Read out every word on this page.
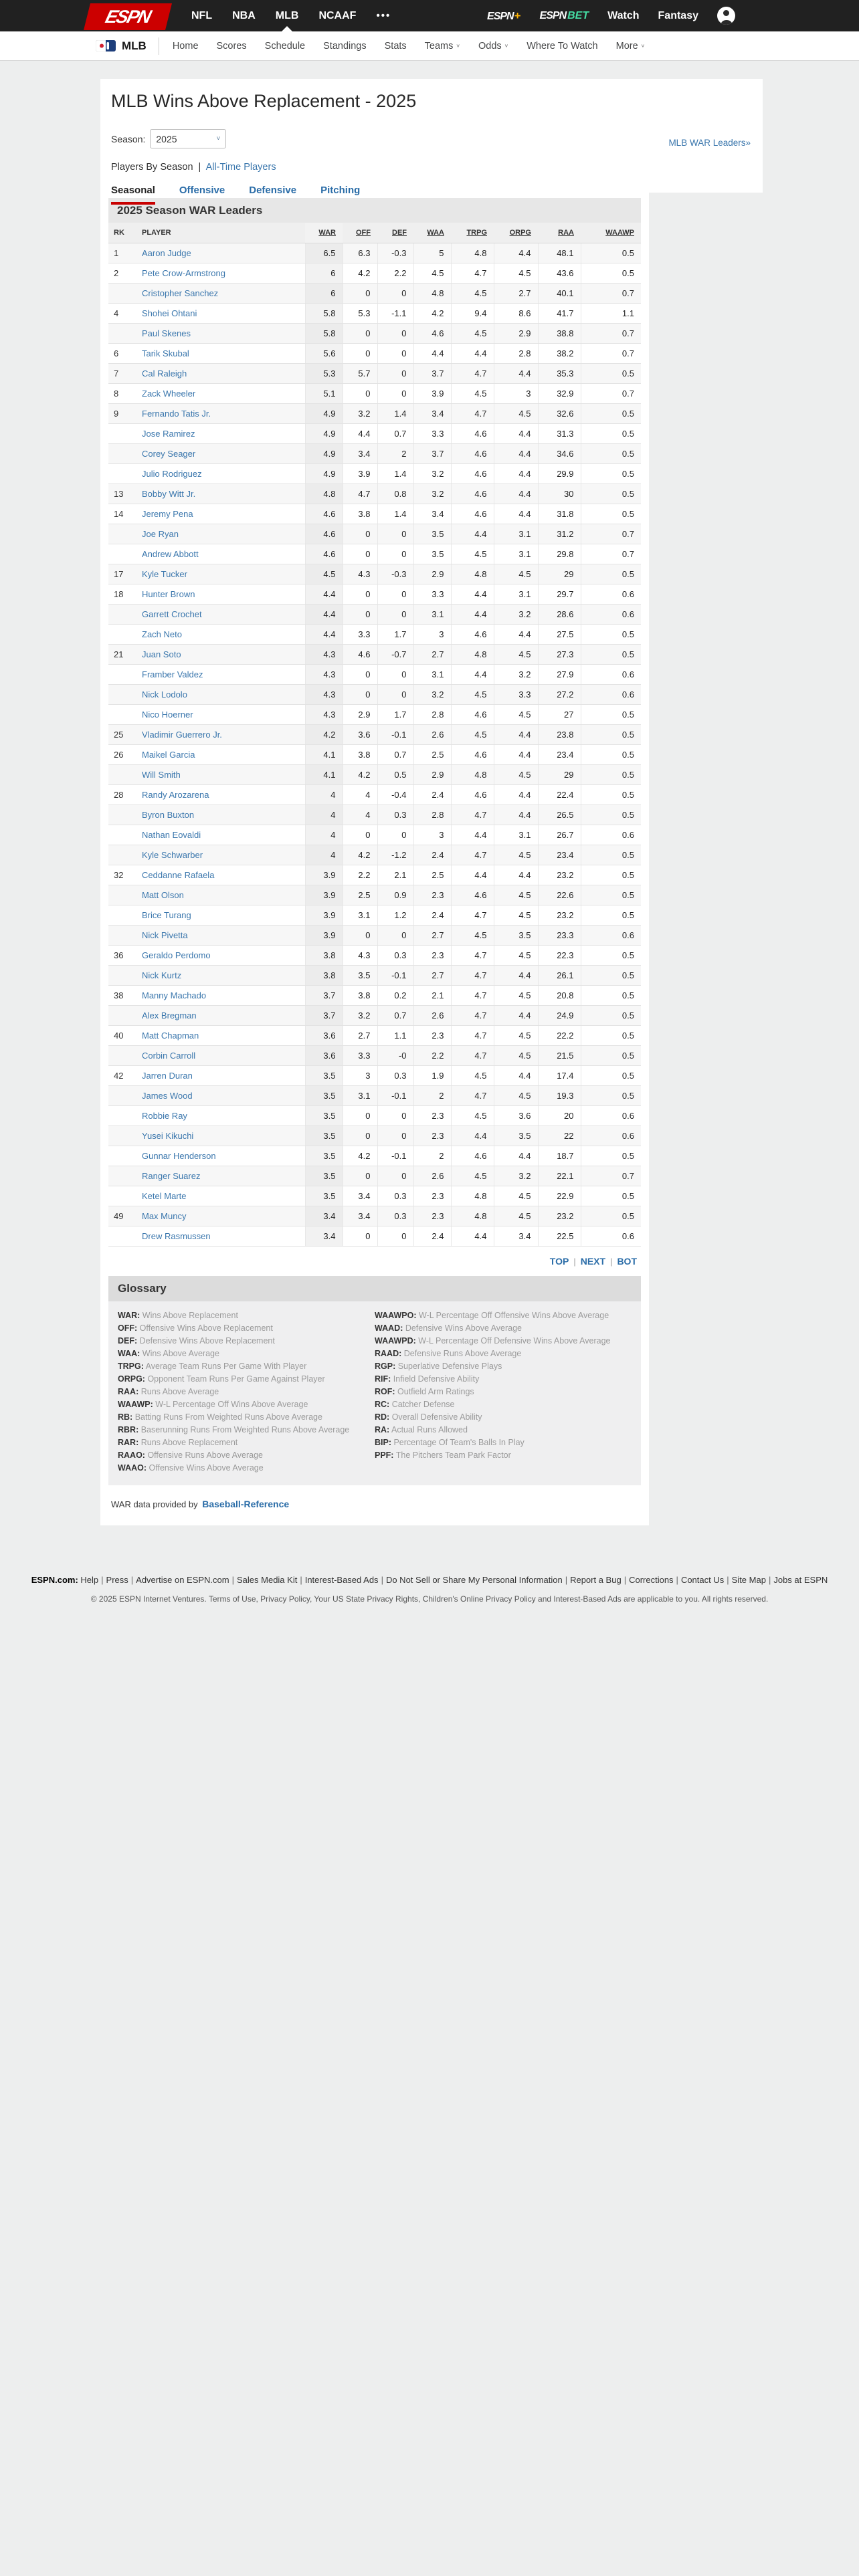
ESPN	NFL NBA MLB NCAAF •••	ESPN + ESPN BET Watch Fantasy
MLB	Home Scores Schedule Standings Stats Teams ∨ Odds ∨ Where To Watch More ∨
MLB Wins Above Replacement - 2025
MLB WAR Leaders»
Season: 2025	˅
Players By Season | All-Time Players
Seasonal Offensive Defensive Pitching
2025 Season WAR Leaders
RK	PLAYER	WAR	OFF	DEF	WAA	TRPG	ORPG	RAA	WAAWP
1	Aaron Judge	6.5	6.3	-0.3	5	4.8	4.4	48.1	0.5
2	Pete Crow-Armstrong	6	4.2	2.2	4.5	4.7	4.5	43.6	0.5
	Cristopher Sanchez	6	0	0	4.8	4.5	2.7	40.1	0.7
4	Shohei Ohtani	5.8	5.3	-1.1	4.2	9.4	8.6	41.7	1.1
	Paul Skenes	5.8	0	0	4.6	4.5	2.9	38.8	0.7
6	Tarik Skubal	5.6	0	0	4.4	4.4	2.8	38.2	0.7
7	Cal Raleigh	5.3	5.7	0	3.7	4.7	4.4	35.3	0.5
8	Zack Wheeler	5.1	0	0	3.9	4.5	3	32.9	0.7
9	Fernando Tatis Jr.	4.9	3.2	1.4	3.4	4.7	4.5	32.6	0.5
	Jose Ramirez	4.9	4.4	0.7	3.3	4.6	4.4	31.3	0.5
	Corey Seager	4.9	3.4	2	3.7	4.6	4.4	34.6	0.5
	Julio Rodriguez	4.9	3.9	1.4	3.2	4.6	4.4	29.9	0.5
13	Bobby Witt Jr.	4.8	4.7	0.8	3.2	4.6	4.4	30	0.5
14	Jeremy Pena	4.6	3.8	1.4	3.4	4.6	4.4	31.8	0.5
	Joe Ryan	4.6	0	0	3.5	4.4	3.1	31.2	0.7
	Andrew Abbott	4.6	0	0	3.5	4.5	3.1	29.8	0.7
17	Kyle Tucker	4.5	4.3	-0.3	2.9	4.8	4.5	29	0.5
18	Hunter Brown	4.4	0	0	3.3	4.4	3.1	29.7	0.6
	Garrett Crochet	4.4	0	0	3.1	4.4	3.2	28.6	0.6
	Zach Neto	4.4	3.3	1.7	3	4.6	4.4	27.5	0.5
21	Juan Soto	4.3	4.6	-0.7	2.7	4.8	4.5	27.3	0.5
	Framber Valdez	4.3	0	0	3.1	4.4	3.2	27.9	0.6
	Nick Lodolo	4.3	0	0	3.2	4.5	3.3	27.2	0.6
	Nico Hoerner	4.3	2.9	1.7	2.8	4.6	4.5	27	0.5
25	Vladimir Guerrero Jr.	4.2	3.6	-0.1	2.6	4.5	4.4	23.8	0.5
26	Maikel Garcia	4.1	3.8	0.7	2.5	4.6	4.4	23.4	0.5
	Will Smith	4.1	4.2	0.5	2.9	4.8	4.5	29	0.5
28	Randy Arozarena	4	4	-0.4	2.4	4.6	4.4	22.4	0.5
	Byron Buxton	4	4	0.3	2.8	4.7	4.4	26.5	0.5
	Nathan Eovaldi	4	0	0	3	4.4	3.1	26.7	0.6
	Kyle Schwarber	4	4.2	-1.2	2.4	4.7	4.5	23.4	0.5
32	Ceddanne Rafaela	3.9	2.2	2.1	2.5	4.4	4.4	23.2	0.5
	Matt Olson	3.9	2.5	0.9	2.3	4.6	4.5	22.6	0.5
	Brice Turang	3.9	3.1	1.2	2.4	4.7	4.5	23.2	0.5
	Nick Pivetta	3.9	0	0	2.7	4.5	3.5	23.3	0.6
36	Geraldo Perdomo	3.8	4.3	0.3	2.3	4.7	4.5	22.3	0.5
	Nick Kurtz	3.8	3.5	-0.1	2.7	4.7	4.4	26.1	0.5
38	Manny Machado	3.7	3.8	0.2	2.1	4.7	4.5	20.8	0.5
	Alex Bregman	3.7	3.2	0.7	2.6	4.7	4.4	24.9	0.5
40	Matt Chapman	3.6	2.7	1.1	2.3	4.7	4.5	22.2	0.5
	Corbin Carroll	3.6	3.3	-0	2.2	4.7	4.5	21.5	0.5
42	Jarren Duran	3.5	3	0.3	1.9	4.5	4.4	17.4	0.5
	James Wood	3.5	3.1	-0.1	2	4.7	4.5	19.3	0.5
	Robbie Ray	3.5	0	0	2.3	4.5	3.6	20	0.6
	Yusei Kikuchi	3.5	0	0	2.3	4.4	3.5	22	0.6
	Gunnar Henderson	3.5	4.2	-0.1	2	4.6	4.4	18.7	0.5
	Ranger Suarez	3.5	0	0	2.6	4.5	3.2	22.1	0.7
	Ketel Marte	3.5	3.4	0.3	2.3	4.8	4.5	22.9	0.5
49	Max Muncy	3.4	3.4	0.3	2.3	4.8	4.5	23.2	0.5
	Drew Rasmussen	3.4	0	0	2.4	4.4	3.4	22.5	0.6
TOP | NEXT | BOT
Glossary
WAR: Wins Above Replacement
OFF: Offensive Wins Above Replacement
DEF: Defensive Wins Above Replacement
WAA: Wins Above Average
TRPG: Average Team Runs Per Game With Player
ORPG: Opponent Team Runs Per Game Against Player
RAA: Runs Above Average
WAAWP: W-L Percentage Off Wins Above Average
RB: Batting Runs From Weighted Runs Above Average
RBR: Baserunning Runs From Weighted Runs Above Average
RAR: Runs Above Replacement
RAAO: Offensive Runs Above Average
WAAO: Offensive Wins Above Average
WAAWPO: W-L Percentage Off Offensive Wins Above Average
WAAD: Defensive Wins Above Average
WAAWPD: W-L Percentage Off Defensive Wins Above Average
RAAD: Defensive Runs Above Average
RGP: Superlative Defensive Plays
RIF: Infield Defensive Ability
ROF: Outfield Arm Ratings
RC: Catcher Defense
RD: Overall Defensive Ability
RA: Actual Runs Allowed
BIP: Percentage Of Team's Balls In Play
PPF: The Pitchers Team Park Factor
WAR data provided by Baseball-Reference
ESPN.com: Help | Press | Advertise on ESPN.com | Sales Media Kit | Interest-Based Ads | Do Not Sell or Share My Personal Information | Report a Bug | Corrections | Contact Us | Site Map | Jobs at ESPN
© 2025 ESPN Internet Ventures. Terms of Use, Privacy Policy, Your US State Privacy Rights, Children's Online Privacy Policy and Interest-Based Ads are applicable to you. All rights reserved.
